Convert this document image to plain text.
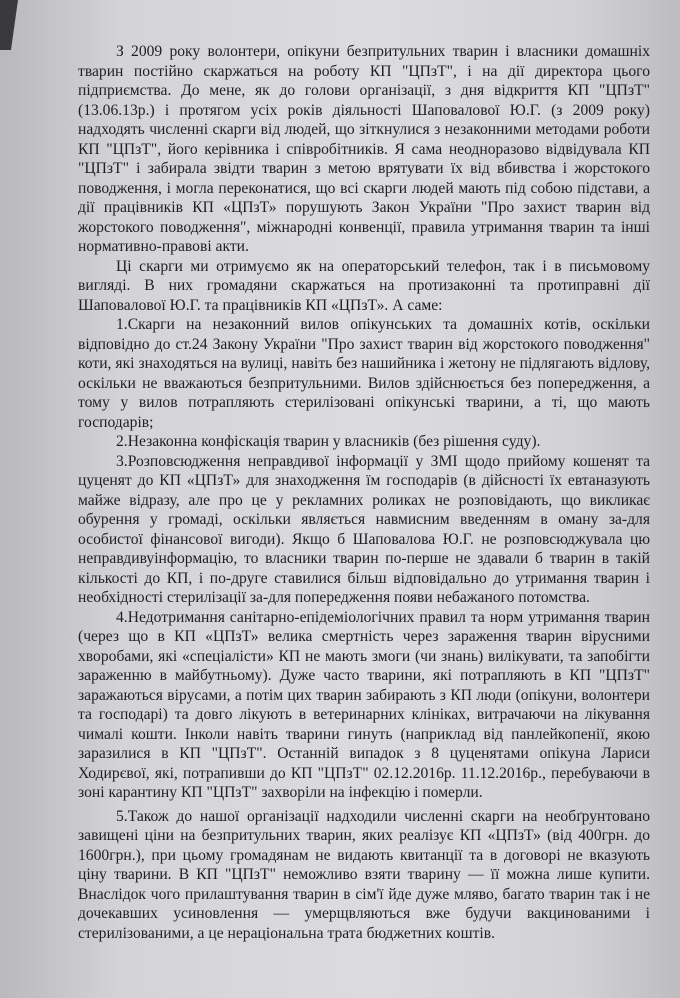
З 2009 року волонтери, опікуни безпритульних тварин і власники домашніх тварин постійно скаржаться на роботу КП "ЦПзТ", і на дії директора цього підприємства. До мене, як до голови організації, з дня відкриття КП "ЦПзТ" (13.06.13р.) і протягом усіх років діяльності Шаповалової Ю.Г. (з 2009 року) надходять численні скарги від людей, що зіткнулися з незаконними методами роботи КП "ЦПзТ", його керівника і співробітників. Я сама неодноразово відвідувала КП "ЦПзТ" і забирала звідти тварин з метою врятувати їх від вбивства і жорстокого поводження, і могла переконатися, що всі скарги людей мають під собою підстави, а дії працівників КП «ЦПзТ» порушують Закон України "Про захист тварин від жорстокого поводження", міжнародні конвенції, правила утримання тварин та інші нормативно-правові акти.

Ці скарги ми отримуємо як на операторський телефон, так і в письмовому вигляді. В них громадяни скаржаться на протизаконні та протиправні дії Шаповалової Ю.Г. та працівників КП «ЦПзТ». А саме:

1.Скарги на незаконний вилов опікунських та домашніх котів, оскільки відповідно до ст.24 Закону України "Про захист тварин від жорстокого поводження" коти, які знаходяться на вулиці, навіть без нашийника і жетону не підлягають відлову, оскільки не вважаються безпритульними. Вилов здійснюється без попередження, а тому у вилов потрапляють стерилізовані опікунські тварини, а ті, що мають господарів;

2.Незаконна конфіскація тварин у власників (без рішення суду).

3.Розповсюдження неправдивої інформації у ЗМІ щодо прийому кошенят та цуценят до КП «ЦПзТ» для знаходження їм господарів (в дійсності їх евтаназують майже відразу, але про це у рекламних роликах не розповідають, що викликає обурення у громаді, оскільки являється навмисним введенням в оману за-для особистої фінансової вигоди). Якщо б Шаповалова Ю.Г. не розповсюджувала цю неправдивуінформацію, то власники тварин по-перше не здавали б тварин в такій кількості до КП, і по-друге ставилися більш відповідально до утримання тварин і необхідності стерилізації за-для попередження появи небажаного потомства.

4.Недотримання санітарно-епідеміологічних правил та норм утримання тварин (через що в КП «ЦПзТ» велика смертність через зараження тварин вірусними хворобами, які «спеціалісти» КП не мають змоги (чи знань) вилікувати, та запобігти зараженню в майбутньому). Дуже часто тварини, які потрапляють в КП "ЦПзТ" заражаються вірусами, а потім цих тварин забирають з КП люди (опікуни, волонтери та господарі) та довго лікують в ветеринарних клініках, витрачаючи на лікування чималі кошти. Інколи навіть тварини гинуть (наприклад від панлейкопенії, якою заразилися в КП "ЦПзТ". Останній випадок з 8 цуценятами опікуна Лариси Ходирєвої, які, потрапивши до КП "ЦПзТ" 02.12.2016р. 11.12.2016р., перебуваючи в зоні карантину КП "ЦПзТ" захворіли на інфекцію і померли.

5.Також до нашої організації надходили численні скарги на необґрунтовано завищені ціни на безпритульних тварин, яких реалізує КП «ЦПзТ» (від 400грн. до 1600грн.), при цьому громадянам не видають квитанції та в договорі не вказують ціну тварини. В КП "ЦПзТ" неможливо взяти тварину — її можна лише купити. Внаслідок чого прилаштування тварин в сім'ї йде дуже мляво, багато тварин так і не дочекавших усиновлення — умерщвляються вже будучи вакцинованими і стерилізованими, а це нераціональна трата бюджетних коштів.
